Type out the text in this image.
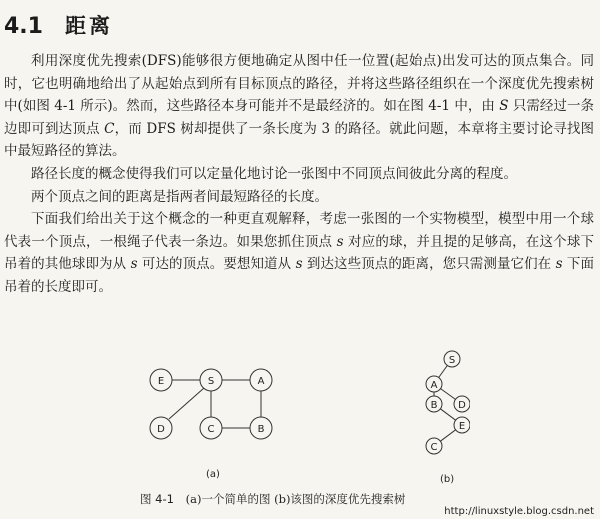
4.1 距离

利用深度优先搜索(DFS)能够很方便地确定从图中任一位置(起始点)出发可达的顶点集合。同时，它也明确地给出了从起始点到所有目标顶点的路径，并将这些路径组织在一个深度优先搜索树中(如图 4-1 所示)。然而，这些路径本身可能并不是最经济的。如在图 4-1 中，由 S 只需经过一条边即可到达顶点 C，而 DFS 树却提供了一条长度为 3 的路径。就此问题，本章将主要讨论寻找图中最短路径的算法。

路径长度的概念使得我们可以定量化地讨论一张图中不同顶点间彼此分离的程度。

两个顶点之间的距离是指两者间最短路径的长度。

下面我们给出关于这个概念的一种更直观解释，考虑一张图的一个实物模型，模型中用一个球代表一个顶点，一根绳子代表一条边。如果您抓住顶点 s 对应的球，并且提的足够高，在这个球下吊着的其他球即为从 s 可达的顶点。要想知道从 s 到达这些顶点的距离，您只需测量它们在 s 下面吊着的长度即可。

E	S	A
D	C	B
(a)
S
A
B D
E
C
(b)
图 4-1 (a)一个简单的图 (b)该图的深度优先搜索树
http://linuxstyle.blog.csdn.net
